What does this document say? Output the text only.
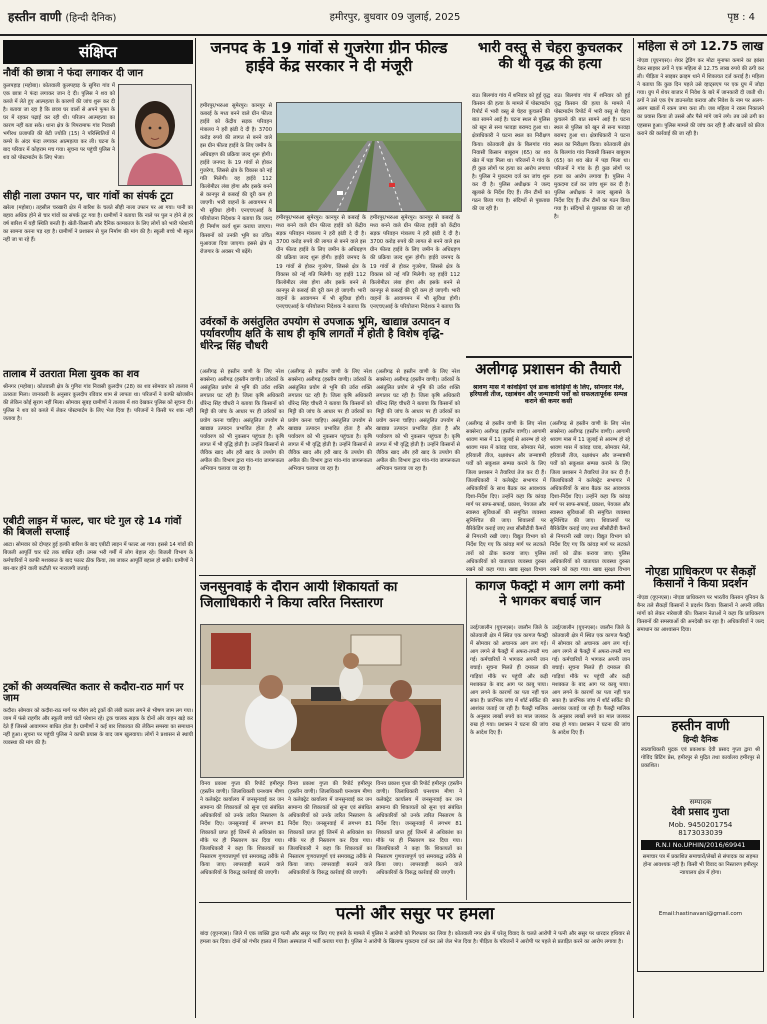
हस्तीन वाणी (हिन्दी दैनिक)	हमीरपुर, बुधवार 09 जुलाई, 2025	पृष्ठ : 4
संक्षिप्त
नौवीं की छात्रा ने फंदा लगाकर दी जान
कुलपहाड़ (महोबा)। कोतवाली कुलपहाड़ के सुगिरा गांव में एक छात्रा ने फंदा लगाकर जान दे दी। पुलिस ने शव को कब्जे में लेते हुए आत्महत्या के कारणों की जांच शुरू कर दी है। बताया जा रहा है कि छात्रा घर वालों से अपने फूफा के घर में रहकर पढ़ाई कर रही थी। परिजन आत्महत्या का कारण नहीं बता सके। थाना क्षेत्र के पिपरामाफ गांव निवासी भगीरथ प्रजापति की बेटी ज्योति (15) ने परिस्थितियों में कमरे के अंदर फंदा लगाकर आत्महत्या कर ली। घटना के बाद परिवार में कोहराम मच गया। सूचना पर पहुंची पुलिस ने शव को पोस्टमार्टम के लिए भेजा।
सीही नाला उफान पर, चार गांवों का संपर्क टूटा
खरेला (महोबा)। तहसील चरखारी क्षेत्र में बारिश के चलते सीही नाला उफान पर आ गया। पानी का बहाव अधिक होने से चार गांवों का संपर्क टूट गया है। ग्रामीणों ने बताया कि नाले पर पुल न होने से हर वर्ष बारिश में यही स्थिति बनती है। खेती-किसानी और दैनिक कामकाज के लिए लोगों को भारी परेशानी का सामना करना पड़ रहा है। ग्रामीणों ने प्रशासन से पुल निर्माण की मांग की है। स्कूली बच्चे भी स्कूल नहीं जा पा रहे हैं।
तालाब में उतराता मिला युवक का शव
श्रीनगर (महोबा)। कोतवाली क्षेत्र के गुगिरा गांव निवासी कुलदीप (28) का शव सोमवार को तालाब में उतराता मिला। जानकारी के अनुसार कुलदीप रविवार शाम से लापता था। परिजनों ने काफी खोजबीन की लेकिन कोई सुराग नहीं मिला। सोमवार सुबह ग्रामीणों ने तालाब में शव देखकर पुलिस को सूचना दी। पुलिस ने शव को कब्जे में लेकर पोस्टमार्टम के लिए भेज दिया है। परिजनों ने किसी पर शक नहीं जताया है।
एबीटी लाइन में फाल्ट, चार घंटे गुल रहे 14 गांवों की बिजली सप्लाई
आटा। सोमवार को दोपहर हुई हल्की बारिश के बाद एबीटी लाइन में फाल्ट आ गया। इससे 14 गांवों की बिजली आपूर्ति चार घंटे तक बाधित रही। उमस भरी गर्मी में लोग बेहाल रहे। बिजली विभाग के कर्मचारियों ने काफी मशक्कत के बाद फाल्ट ठीक किया, तब जाकर आपूर्ति बहाल हो सकी। ग्रामीणों ने बार-बार होने वाली कटौती पर नाराजगी जताई।
ट्रकों की अव्यवस्थित कतार से कदौरा-राठ मार्ग पर जाम
कदौरा। सोमवार को कदौरा-राठ मार्ग पर मौरंग लदे ट्रकों की लंबी कतार लगने से भीषण जाम लग गया। जाम में फंसे राहगीर और स्कूली बच्चे घंटों परेशान रहे। ट्रक चालक सड़क के दोनों ओर वाहन खड़े कर देते हैं जिससे आवागमन बाधित होता है। ग्रामीणों ने कई बार शिकायत की लेकिन समस्या का समाधान नहीं हुआ। सूचना पर पहुंची पुलिस ने काफी प्रयास के बाद जाम खुलवाया। लोगों ने प्रशासन से स्थायी व्यवस्था की मांग की है।
जनपद के 19 गांवों से गुजरेगा ग्रीन फील्ड हाईवे केंद्र सरकार ने दी मंजूरी
हमीरपुर/भरुआ सुमेरपुर। कानपुर से कबरई के मध्य बनने वाले ग्रीन फील्ड हाईवे को केंद्रीय सड़क परिवहन मंत्रालय ने हरी झंडी दे दी है। 3700 करोड़ रुपये की लागत से बनने वाले इस ग्रीन फील्ड हाईवे के लिए जमीन के अधिग्रहण की प्रक्रिया जल्द शुरू होगी। हाईवे जनपद के 19 गांवों से होकर गुजरेगा, जिससे क्षेत्र के विकास को नई गति मिलेगी। यह हाईवे 112 किलोमीटर लंबा होगा और इसके बनने से कानपुर से कबरई की दूरी कम हो जाएगी। भारी वाहनों के आवागमन में भी सुविधा होगी। एनएचएआई के परियोजना निदेशक ने बताया कि जल्द ही निर्माण कार्य शुरू कराया जाएगा। किसानों को उनकी भूमि का उचित मुआवजा दिया जाएगा। इससे क्षेत्र में रोजगार के अवसर भी बढ़ेंगे।
हमीरपुर/भरुआ सुमेरपुर। कानपुर से कबरई के मध्य बनने वाले ग्रीन फील्ड हाईवे को केंद्रीय सड़क परिवहन मंत्रालय ने हरी झंडी दे दी है। 3700 करोड़ रुपये की लागत से बनने वाले इस ग्रीन फील्ड हाईवे के लिए जमीन के अधिग्रहण की प्रक्रिया जल्द शुरू होगी। हाईवे जनपद के 19 गांवों से होकर गुजरेगा, जिससे क्षेत्र के विकास को नई गति मिलेगी। यह हाईवे 112 किलोमीटर लंबा होगा और इसके बनने से कानपुर से कबरई की दूरी कम हो जाएगी। भारी वाहनों के आवागमन में भी सुविधा होगी। एनएचएआई के परियोजना निदेशक ने बताया कि
हमीरपुर/भरुआ सुमेरपुर। कानपुर से कबरई के मध्य बनने वाले ग्रीन फील्ड हाईवे को केंद्रीय सड़क परिवहन मंत्रालय ने हरी झंडी दे दी है। 3700 करोड़ रुपये की लागत से बनने वाले इस ग्रीन फील्ड हाईवे के लिए जमीन के अधिग्रहण की प्रक्रिया जल्द शुरू होगी। हाईवे जनपद के 19 गांवों से होकर गुजरेगा, जिससे क्षेत्र के विकास को नई गति मिलेगी। यह हाईवे 112 किलोमीटर लंबा होगा और इसके बनने से कानपुर से कबरई की दूरी कम हो जाएगी। भारी वाहनों के आवागमन में भी सुविधा होगी। एनएचएआई के परियोजना निदेशक ने बताया कि
भारी वस्तु से चेहरा कुचलकर की थी वृद्ध की हत्या
राठ। बिलगांव गांव में शनिवार को हुई वृद्ध किसान की हत्या के मामले में पोस्टमार्टम रिपोर्ट में भारी वस्तु से चेहरा कुचलने की बात सामने आई है। घटना स्थल से पुलिस को खून से सना फावड़ा बरामद हुआ था। क्षेत्राधिकारी ने घटना स्थल का निरीक्षण किया। कोतवाली क्षेत्र के बिलगांव गांव निवासी किसान बाबूराम (65) का शव खेत में पड़ा मिला था। परिजनों ने गांव के ही कुछ लोगों पर हत्या का आरोप लगाया है। पुलिस ने मुकदमा दर्ज कर जांच शुरू कर दी है। पुलिस अधीक्षक ने जल्द खुलासे के निर्देश दिए हैं। तीन टीमों का गठन किया गया है। संदिग्धों से पूछताछ की जा रही है।
राठ। बिलगांव गांव में शनिवार को हुई वृद्ध किसान की हत्या के मामले में पोस्टमार्टम रिपोर्ट में भारी वस्तु से चेहरा कुचलने की बात सामने आई है। घटना स्थल से पुलिस को खून से सना फावड़ा बरामद हुआ था। क्षेत्राधिकारी ने घटना स्थल का निरीक्षण किया। कोतवाली क्षेत्र के बिलगांव गांव निवासी किसान बाबूराम (65) का शव खेत में पड़ा मिला था। परिजनों ने गांव के ही कुछ लोगों पर हत्या का आरोप लगाया है। पुलिस ने मुकदमा दर्ज कर जांच शुरू कर दी है। पुलिस अधीक्षक ने जल्द खुलासे के निर्देश दिए हैं। तीन टीमों का गठन किया गया है। संदिग्धों से पूछताछ की जा रही है।
उर्वरकों के असंतुलित उपयोग से उपजाऊ भूमि, खाद्यान्न उत्पादन व पर्यावरणीय क्षति के साथ ही कृषि लागतों में होती है विशेष वृद्धि-धीरेन्द्र सिंह चौधरी
(अलीगढ़ से हस्तीन वाणी के लिए नरेश सक्सेना) अलीगढ़ (हस्तीन वाणी)। उर्वरकों के असंतुलित प्रयोग से भूमि की उर्वरा शक्ति लगातार घट रही है। जिला कृषि अधिकारी धीरेन्द्र सिंह चौधरी ने बताया कि किसानों को मिट्टी की जांच के आधार पर ही उर्वरकों का प्रयोग करना चाहिए। असंतुलित उपयोग से खाद्यान्न उत्पादन प्रभावित होता है और पर्यावरण को भी नुकसान पहुंचता है। कृषि लागत में भी वृद्धि होती है। उन्होंने किसानों से जैविक खाद और हरी खाद के उपयोग की अपील की। विभाग द्वारा गांव-गांव जागरूकता अभियान चलाया जा रहा है।
(अलीगढ़ से हस्तीन वाणी के लिए नरेश सक्सेना) अलीगढ़ (हस्तीन वाणी)। उर्वरकों के असंतुलित प्रयोग से भूमि की उर्वरा शक्ति लगातार घट रही है। जिला कृषि अधिकारी धीरेन्द्र सिंह चौधरी ने बताया कि किसानों को मिट्टी की जांच के आधार पर ही उर्वरकों का प्रयोग करना चाहिए। असंतुलित उपयोग से खाद्यान्न उत्पादन प्रभावित होता है और पर्यावरण को भी नुकसान पहुंचता है। कृषि लागत में भी वृद्धि होती है। उन्होंने किसानों से जैविक खाद और हरी खाद के उपयोग की अपील की। विभाग द्वारा गांव-गांव जागरूकता अभियान चलाया जा रहा है।
(अलीगढ़ से हस्तीन वाणी के लिए नरेश सक्सेना) अलीगढ़ (हस्तीन वाणी)। उर्वरकों के असंतुलित प्रयोग से भूमि की उर्वरा शक्ति लगातार घट रही है। जिला कृषि अधिकारी धीरेन्द्र सिंह चौधरी ने बताया कि किसानों को मिट्टी की जांच के आधार पर ही उर्वरकों का प्रयोग करना चाहिए। असंतुलित उपयोग से खाद्यान्न उत्पादन प्रभावित होता है और पर्यावरण को भी नुकसान पहुंचता है। कृषि लागत में भी वृद्धि होती है। उन्होंने किसानों से जैविक खाद और हरी खाद के उपयोग की अपील की। विभाग द्वारा गांव-गांव जागरूकता अभियान चलाया जा रहा है।
अलीगढ़ प्रशासन की तैयारी
श्रावण मास में कांवड़ियों एवं डाक कांवड़ियों के लिए, सोमवार मेले, हरियाली तीज, रक्षाबंधन और जन्माष्टमी पर्वों को सफलतापूर्वक सम्पन्न कराने की कमर कसी
(अलीगढ़ से हस्तीन वाणी के लिए नरेश सक्सेना) अलीगढ़ (हस्तीन वाणी)। आगामी श्रावण मास में 11 जुलाई से आरम्भ हो रहे श्रावण मास में कांवड़ यात्रा, सोमवार मेले, हरियाली तीज, रक्षाबंधन और जन्माष्टमी पर्वों को सकुशल सम्पन्न कराने के लिए जिला प्रशासन ने तैयारियां तेज कर दी हैं। जिलाधिकारी ने कलेक्ट्रेट सभागार में अधिकारियों के साथ बैठक कर आवश्यक दिशा-निर्देश दिए। उन्होंने कहा कि कांवड़ मार्ग पर साफ-सफाई, प्रकाश, पेयजल और स्वास्थ्य सुविधाओं की समुचित व्यवस्था सुनिश्चित की जाए। शिवालयों पर बैरिकेडिंग कराई जाए तथा सीसीटीवी कैमरों से निगरानी रखी जाए। विद्युत विभाग को निर्देश दिए गए कि कांवड़ मार्ग पर लटकते तारों को ठीक कराया जाए। पुलिस अधिकारियों को यातायात व्यवस्था दुरुस्त रखने को कहा गया। खाद्य सुरक्षा विभाग
(अलीगढ़ से हस्तीन वाणी के लिए नरेश सक्सेना) अलीगढ़ (हस्तीन वाणी)। आगामी श्रावण मास में 11 जुलाई से आरम्भ हो रहे श्रावण मास में कांवड़ यात्रा, सोमवार मेले, हरियाली तीज, रक्षाबंधन और जन्माष्टमी पर्वों को सकुशल सम्पन्न कराने के लिए जिला प्रशासन ने तैयारियां तेज कर दी हैं। जिलाधिकारी ने कलेक्ट्रेट सभागार में अधिकारियों के साथ बैठक कर आवश्यक दिशा-निर्देश दिए। उन्होंने कहा कि कांवड़ मार्ग पर साफ-सफाई, प्रकाश, पेयजल और स्वास्थ्य सुविधाओं की समुचित व्यवस्था सुनिश्चित की जाए। शिवालयों पर बैरिकेडिंग कराई जाए तथा सीसीटीवी कैमरों से निगरानी रखी जाए। विद्युत विभाग को निर्देश दिए गए कि कांवड़ मार्ग पर लटकते तारों को ठीक कराया जाए। पुलिस अधिकारियों को यातायात व्यवस्था दुरुस्त रखने को कहा गया। खाद्य सुरक्षा विभाग
जनसुनवाई के दौरान आयी शिकायतों का जिलाधिकारी ने किया त्वरित निस्तारण
विनय प्रकाश गुप्ता की रिपोर्ट हमीरपुर (हस्तीन वाणी)। जिलाधिकारी घनश्याम मीणा ने कलेक्ट्रेट कार्यालय में जनसुनवाई कर जन सामान्य की शिकायतों को सुना एवं संबंधित अधिकारियों को उनके त्वरित निस्तारण के निर्देश दिए। जनसुनवाई में लगभग 81 शिकायतें प्राप्त हुई जिनमें से अधिकांश का मौके पर ही निस्तारण कर दिया गया। जिलाधिकारी ने कहा कि शिकायतों का निस्तारण गुणवत्तापूर्ण एवं समयबद्ध तरीके से किया जाए। लापरवाही बरतने वाले अधिकारियों के विरुद्ध कार्रवाई की जाएगी।
विनय प्रकाश गुप्ता की रिपोर्ट हमीरपुर (हस्तीन वाणी)। जिलाधिकारी घनश्याम मीणा ने कलेक्ट्रेट कार्यालय में जनसुनवाई कर जन सामान्य की शिकायतों को सुना एवं संबंधित अधिकारियों को उनके त्वरित निस्तारण के निर्देश दिए। जनसुनवाई में लगभग 81 शिकायतें प्राप्त हुई जिनमें से अधिकांश का मौके पर ही निस्तारण कर दिया गया। जिलाधिकारी ने कहा कि शिकायतों का निस्तारण गुणवत्तापूर्ण एवं समयबद्ध तरीके से किया जाए। लापरवाही बरतने वाले अधिकारियों के विरुद्ध कार्रवाई की जाएगी।
विनय प्रकाश गुप्ता की रिपोर्ट हमीरपुर (हस्तीन वाणी)। जिलाधिकारी घनश्याम मीणा ने कलेक्ट्रेट कार्यालय में जनसुनवाई कर जन सामान्य की शिकायतों को सुना एवं संबंधित अधिकारियों को उनके त्वरित निस्तारण के निर्देश दिए। जनसुनवाई में लगभग 81 शिकायतें प्राप्त हुई जिनमें से अधिकांश का मौके पर ही निस्तारण कर दिया गया। जिलाधिकारी ने कहा कि शिकायतों का निस्तारण गुणवत्तापूर्ण एवं समयबद्ध तरीके से किया जाए। लापरवाही बरतने वाले अधिकारियों के विरुद्ध कार्रवाई की जाएगी।
कागज फैक्ट्री में आग लगी कर्मी ने भागकर बचाई जान
उरई/जालौन (यूएनएस)। जालौन जिले के कोतवाली क्षेत्र में स्थित एक कागज फैक्ट्री में सोमवार को अचानक आग लग गई। आग लगने से फैक्ट्री में अफरा-तफरी मच गई। कर्मचारियों ने भागकर अपनी जान बचाई। सूचना मिलते ही दमकल की गाड़ियां मौके पर पहुंचीं और कड़ी मशक्कत के बाद आग पर काबू पाया। आग लगने के कारणों का पता नहीं चल सका है। प्रारंभिक जांच में शॉर्ट सर्किट की आशंका जताई जा रही है। फैक्ट्री मालिक के अनुसार लाखों रुपये का माल जलकर राख हो गया। प्रशासन ने घटना की जांच के आदेश दिए हैं।
उरई/जालौन (यूएनएस)। जालौन जिले के कोतवाली क्षेत्र में स्थित एक कागज फैक्ट्री में सोमवार को अचानक आग लग गई। आग लगने से फैक्ट्री में अफरा-तफरी मच गई। कर्मचारियों ने भागकर अपनी जान बचाई। सूचना मिलते ही दमकल की गाड़ियां मौके पर पहुंचीं और कड़ी मशक्कत के बाद आग पर काबू पाया। आग लगने के कारणों का पता नहीं चल सका है। प्रारंभिक जांच में शॉर्ट सर्किट की आशंका जताई जा रही है। फैक्ट्री मालिक के अनुसार लाखों रुपये का माल जलकर राख हो गया। प्रशासन ने घटना की जांच के आदेश दिए हैं।
पत्नी और ससुर पर हमला
बांदा (यूएनएस)। जिले में एक व्यक्ति द्वारा पत्नी और ससुर पर किए गए हमले के मामले में पुलिस ने आरोपी को गिरफ्तार कर लिया है। कोतवाली नगर क्षेत्र में घरेलू विवाद के चलते आरोपी ने पत्नी और ससुर पर धारदार हथियार से हमला कर दिया। दोनों को गंभीर हालत में जिला अस्पताल में भर्ती कराया गया है। पुलिस ने आरोपी के खिलाफ मुकदमा दर्ज कर उसे जेल भेज दिया है। पीड़िता के परिजनों ने आरोपी पर पहले से प्रताड़ित करने का आरोप लगाया है।
महिला से ठगे 12.75 लाख
नोएडा (यूएनएस)। शेयर ट्रेडिंग कर मोटा मुनाफा कमाने का झांसा देकर साइबर ठगों ने एक महिला से 12.75 लाख रुपये की ठगी कर ली। पीड़िता ने साइबर क्राइम थाने में शिकायत दर्ज कराई है। महिला ने बताया कि कुछ दिन पहले उसे व्हाट्सएप पर एक ग्रुप में जोड़ा गया। ग्रुप में शेयर बाजार में निवेश के बारे में जानकारी दी जाती थी। ठगों ने उसे एक ऐप डाउनलोड कराया और निवेश के नाम पर अलग-अलग खातों में रकम जमा करा ली। जब महिला ने रकम निकालने का प्रयास किया तो उससे और पैसे मांगे जाने लगे। तब उसे ठगी का एहसास हुआ। पुलिस मामले की जांच कर रही है और खातों को फ्रीज कराने की कार्रवाई की जा रही है।
नोएडा प्राधिकरण पर सैकड़ों किसानों ने किया प्रदर्शन
नोएडा (यूएनएस)। नोएडा प्राधिकरण पर भारतीय किसान यूनियन के बैनर तले सैकड़ों किसानों ने प्रदर्शन किया। किसानों ने अपनी लंबित मांगों को लेकर नारेबाजी की। किसान नेताओं ने कहा कि प्राधिकरण किसानों की समस्याओं की अनदेखी कर रहा है। अधिकारियों ने जल्द समाधान का आश्वासन दिया।
हस्तीन वाणी
हिन्दी दैनिक
स्वत्वाधिकारी मुद्रक एवं प्रकाशक देवी प्रसाद गुप्ता द्वारा श्री गोविंद प्रिंटिंग प्रेस, हमीरपुर से मुद्रित तथा कार्यालय हमीरपुर से प्रकाशित।
सम्पादक
देवी प्रसाद गुप्ता
Mob. 9450201754
8173033039
R.N.I No.UPHIN/2016/69941
समाचार पत्र में प्रकाशित समाचारों/लेखों से संपादक का सहमत होना आवश्यक नहीं है। किसी भी विवाद का निस्तारण हमीरपुर न्यायालय क्षेत्र में होगा।
Email:hastinavani@gmail.com
